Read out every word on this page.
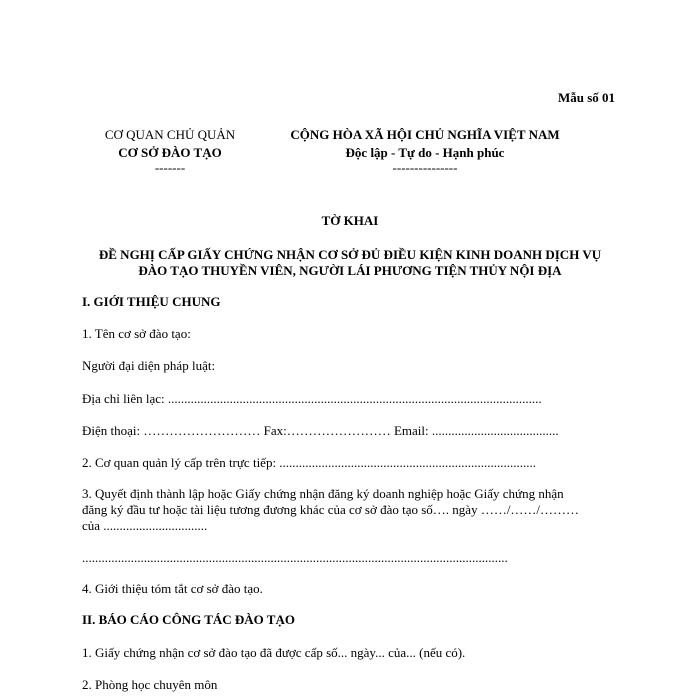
Mẫu số 01
CƠ QUAN CHỦ QUẢN
CƠ SỞ ĐÀO TẠO
-------
CỘNG HÒA XÃ HỘI CHỦ NGHĨA VIỆT NAM
Độc lập - Tự do - Hạnh phúc
---------------
TỜ KHAI
ĐỀ NGHỊ CẤP GIẤY CHỨNG NHẬN CƠ SỞ ĐỦ ĐIỀU KIỆN KINH DOANH DỊCH VỤ
ĐÀO TẠO THUYỀN VIÊN, NGƯỜI LÁI PHƯƠNG TIỆN THỦY NỘI ĐỊA
I. GIỚI THIỆU CHUNG
1. Tên cơ sở đào tạo:
Người đại diện pháp luật:
Địa chỉ liên lạc: ...................................................................................................................
Điện thoại: ……………………… Fax:…………………… Email: .......................................
2. Cơ quan quản lý cấp trên trực tiếp: ...............................................................................
3. Quyết định thành lập hoặc Giấy chứng nhận đăng ký doanh nghiệp hoặc Giấy chứng nhận
đăng ký đầu tư hoặc tài liệu tương đương khác của cơ sở đào tạo số…. ngày ……/……/………
của ................................
...................................................................................................................................
4. Giới thiệu tóm tắt cơ sở đào tạo.
II. BÁO CÁO CÔNG TÁC ĐÀO TẠO
1. Giấy chứng nhận cơ sở đào tạo đã được cấp số... ngày... của... (nếu có).
2. Phòng học chuyên môn
